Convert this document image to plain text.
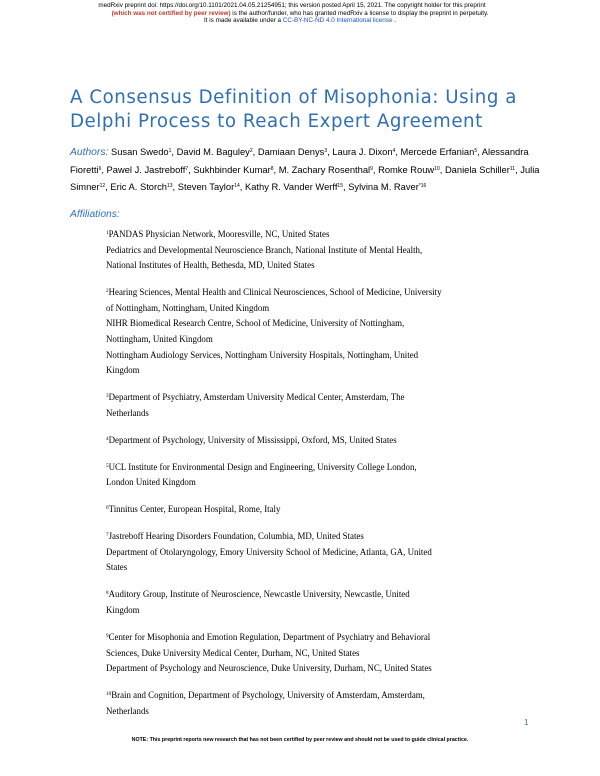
medRxiv preprint doi: https://doi.org/10.1101/2021.04.05.21254951; this version posted April 15, 2021. The copyright holder for this preprint
(which was not certified by peer review) is the author/funder, who has granted medRxiv a license to display the preprint in perpetuity.
It is made available under a CC-BY-NC-ND 4.0 International license .
A Consensus Definition of Misophonia: Using a
Delphi Process to Reach Expert Agreement
Authors: Susan Swedo$^1$, David M. Baguley$^2$, Damiaan Denys$^3$, Laura J. Dixon$^4$, Mercede Erfanian$^5$, Alessandra Fioretti$^6$, Pawel J. Jastreboff$^7$, Sukhbinder Kumar$^8$, M. Zachary Rosenthal$^9$, Romke Rouw$^{10}$, Daniela Schiller$^{11}$, Julia Simner$^{12}$, Eric A. Storch$^{13}$, Steven Taylor$^{14}$, Kathy R. Vander Werff$^{15}$, Sylvina M. Raver$^{*16}$
Affiliations:
$^1$PANDAS Physician Network, Mooresville, NC, United States
Pediatrics and Developmental Neuroscience Branch, National Institute of Mental Health,
National Institutes of Health, Bethesda, MD, United States
$^2$Hearing Sciences, Mental Health and Clinical Neurosciences, School of Medicine, University
of Nottingham, Nottingham, United Kingdom
NIHR Biomedical Research Centre, School of Medicine, University of Nottingham,
Nottingham, United Kingdom
Nottingham Audiology Services, Nottingham University Hospitals, Nottingham, United
Kingdom
$^3$Department of Psychiatry, Amsterdam University Medical Center, Amsterdam, The
Netherlands
$^4$Department of Psychology, University of Mississippi, Oxford, MS, United States
$^5$UCL Institute for Environmental Design and Engineering, University College London,
London United Kingdom
$^6$Tinnitus Center, European Hospital, Rome, Italy
$^7$Jastreboff Hearing Disorders Foundation, Columbia, MD, United States
Department of Otolaryngology, Emory University School of Medicine, Atlanta, GA, United
States
$^8$Auditory Group, Institute of Neuroscience, Newcastle University, Newcastle, United
Kingdom
$^9$Center for Misophonia and Emotion Regulation, Department of Psychiatry and Behavioral
Sciences, Duke University Medical Center, Durham, NC, United States
Department of Psychology and Neuroscience, Duke University, Durham, NC, United States
$^{10}$Brain and Cognition, Department of Psychology, University of Amsterdam, Amsterdam,
Netherlands
1
NOTE: This preprint reports new research that has not been certified by peer review and should not be used to guide clinical practice.
